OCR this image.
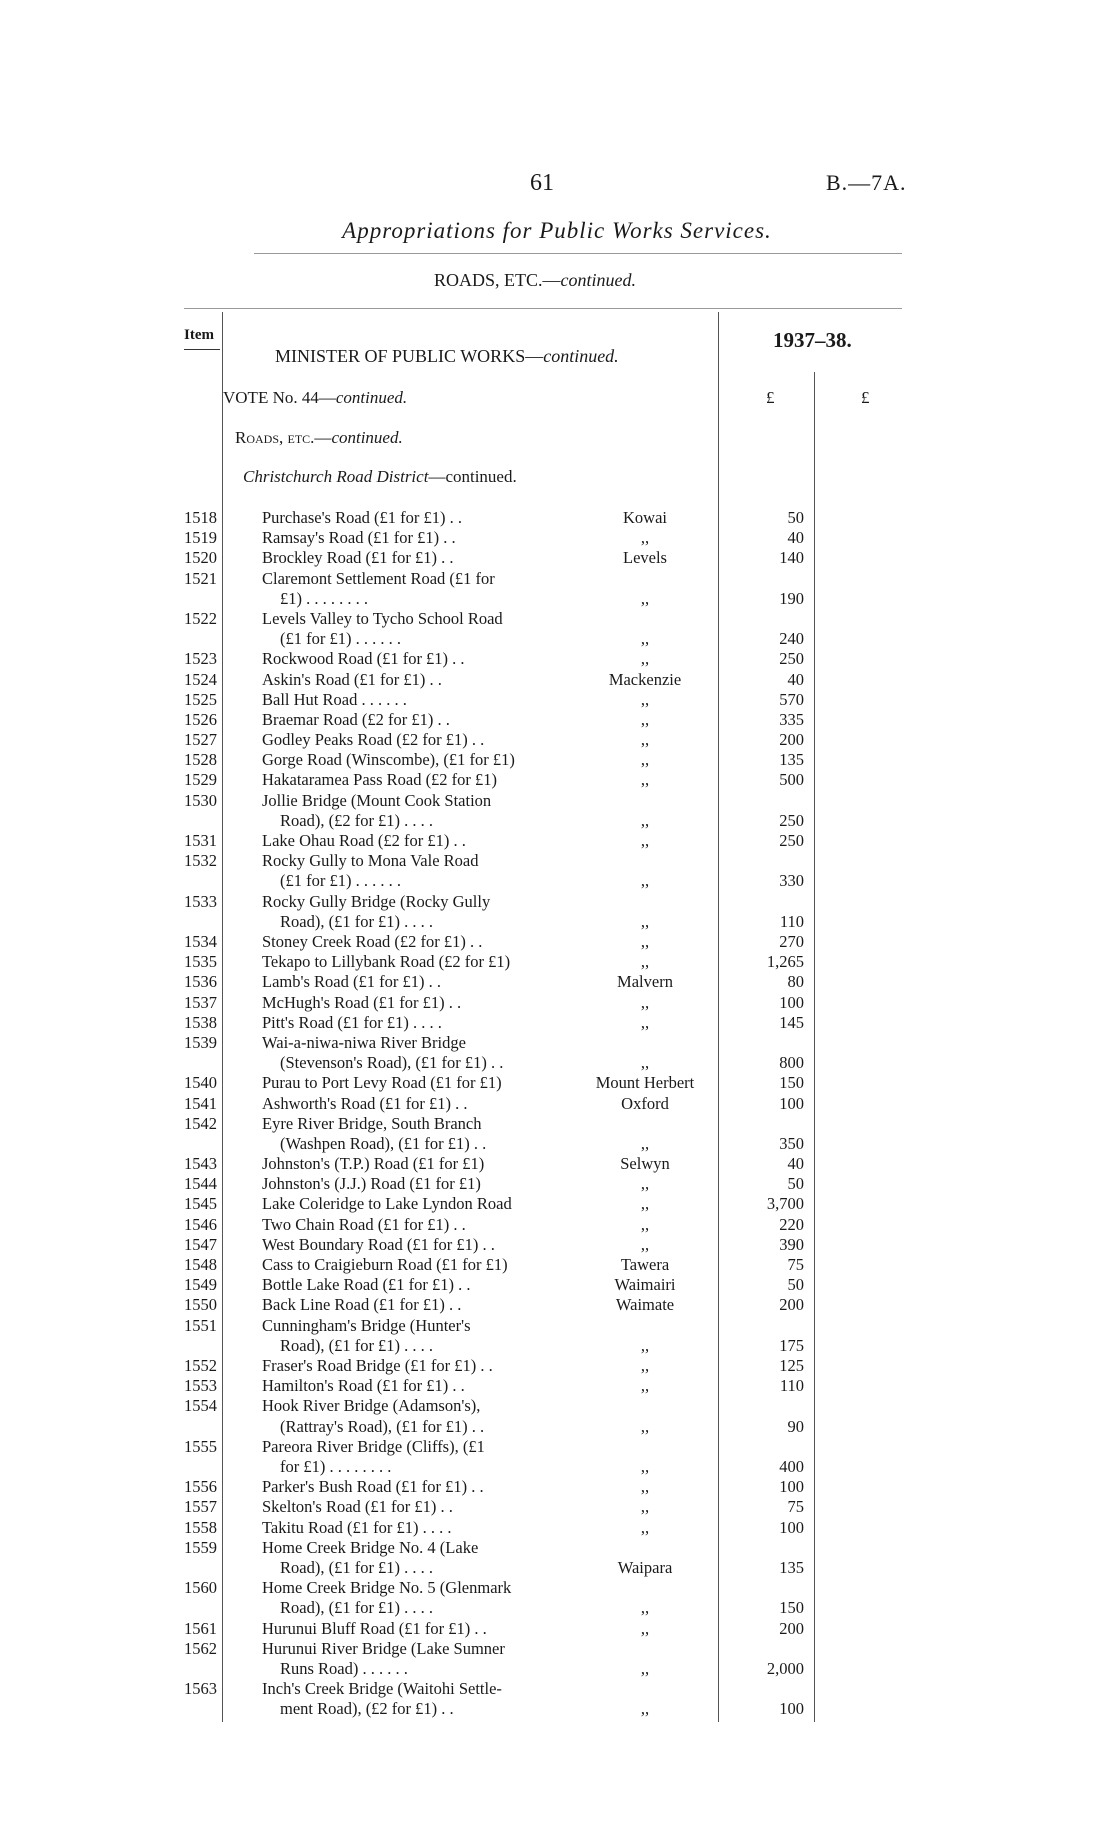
61	B.—7A.
Appropriations for Public Works Services.
ROADS, ETC.—continued.
Item	1937–38.
MINISTER OF PUBLIC WORKS—continued.
VOTE No. 44—continued.	£	£
Roads, etc.—continued.
Christchurch Road District—continued.
1518	Purchase's Road (£1 for £1) . .	Kowai	50
1519	Ramsay's Road (£1 for £1) . .	,,	40
1520	Brockley Road (£1 for £1) . .	Levels	140
1521	Claremont Settlement Road (£1 for
£1) . . . . . . . .	,,	190
1522	Levels Valley to Tycho School Road
(£1 for £1) . . . . . .	,,	240
1523	Rockwood Road (£1 for £1) . .	,,	250
1524	Askin's Road (£1 for £1) . .	Mackenzie	40
1525	Ball Hut Road . . . . . .	,,	570
1526	Braemar Road (£2 for £1) . .	,,	335
1527	Godley Peaks Road (£2 for £1) . .	,,	200
1528	Gorge Road (Winscombe), (£1 for £1)	,,	135
1529	Hakataramea Pass Road (£2 for £1)	,,	500
1530	Jollie Bridge (Mount Cook Station
Road), (£2 for £1) . . . .	,,	250
1531	Lake Ohau Road (£2 for £1) . .	,,	250
1532	Rocky Gully to Mona Vale Road
(£1 for £1) . . . . . .	,,	330
1533	Rocky Gully Bridge (Rocky Gully
Road), (£1 for £1) . . . .	,,	110
1534	Stoney Creek Road (£2 for £1) . .	,,	270
1535	Tekapo to Lillybank Road (£2 for £1)	,,	1,265
1536	Lamb's Road (£1 for £1) . .	Malvern	80
1537	McHugh's Road (£1 for £1) . .	,,	100
1538	Pitt's Road (£1 for £1) . . . .	,,	145
1539	Wai-a-niwa-niwa River Bridge
(Stevenson's Road), (£1 for £1) . .	,,	800
1540	Purau to Port Levy Road (£1 for £1)	Mount Herbert	150
1541	Ashworth's Road (£1 for £1) . .	Oxford	100
1542	Eyre River Bridge, South Branch
(Washpen Road), (£1 for £1) . .	,,	350
1543	Johnston's (T.P.) Road (£1 for £1)	Selwyn	40
1544	Johnston's (J.J.) Road (£1 for £1)	,,	50
1545	Lake Coleridge to Lake Lyndon Road	,,	3,700
1546	Two Chain Road (£1 for £1) . .	,,	220
1547	West Boundary Road (£1 for £1) . .	,,	390
1548	Cass to Craigieburn Road (£1 for £1)	Tawera	75
1549	Bottle Lake Road (£1 for £1) . .	Waimairi	50
1550	Back Line Road (£1 for £1) . .	Waimate	200
1551	Cunningham's Bridge (Hunter's
Road), (£1 for £1) . . . .	,,	175
1552	Fraser's Road Bridge (£1 for £1) . .	,,	125
1553	Hamilton's Road (£1 for £1) . .	,,	110
1554	Hook River Bridge (Adamson's),
(Rattray's Road), (£1 for £1) . .	,,	90
1555	Pareora River Bridge (Cliffs), (£1
for £1) . . . . . . . .	,,	400
1556	Parker's Bush Road (£1 for £1) . .	,,	100
1557	Skelton's Road (£1 for £1) . .	,,	75
1558	Takitu Road (£1 for £1) . . . .	,,	100
1559	Home Creek Bridge No. 4 (Lake
Road), (£1 for £1) . . . .	Waipara	135
1560	Home Creek Bridge No. 5 (Glenmark
Road), (£1 for £1) . . . .	,,	150
1561	Hurunui Bluff Road (£1 for £1) . .	,,	200
1562	Hurunui River Bridge (Lake Sumner
Runs Road) . . . . . .	,,	2,000
1563	Inch's Creek Bridge (Waitohi Settle-
ment Road), (£2 for £1) . .	,,	100
